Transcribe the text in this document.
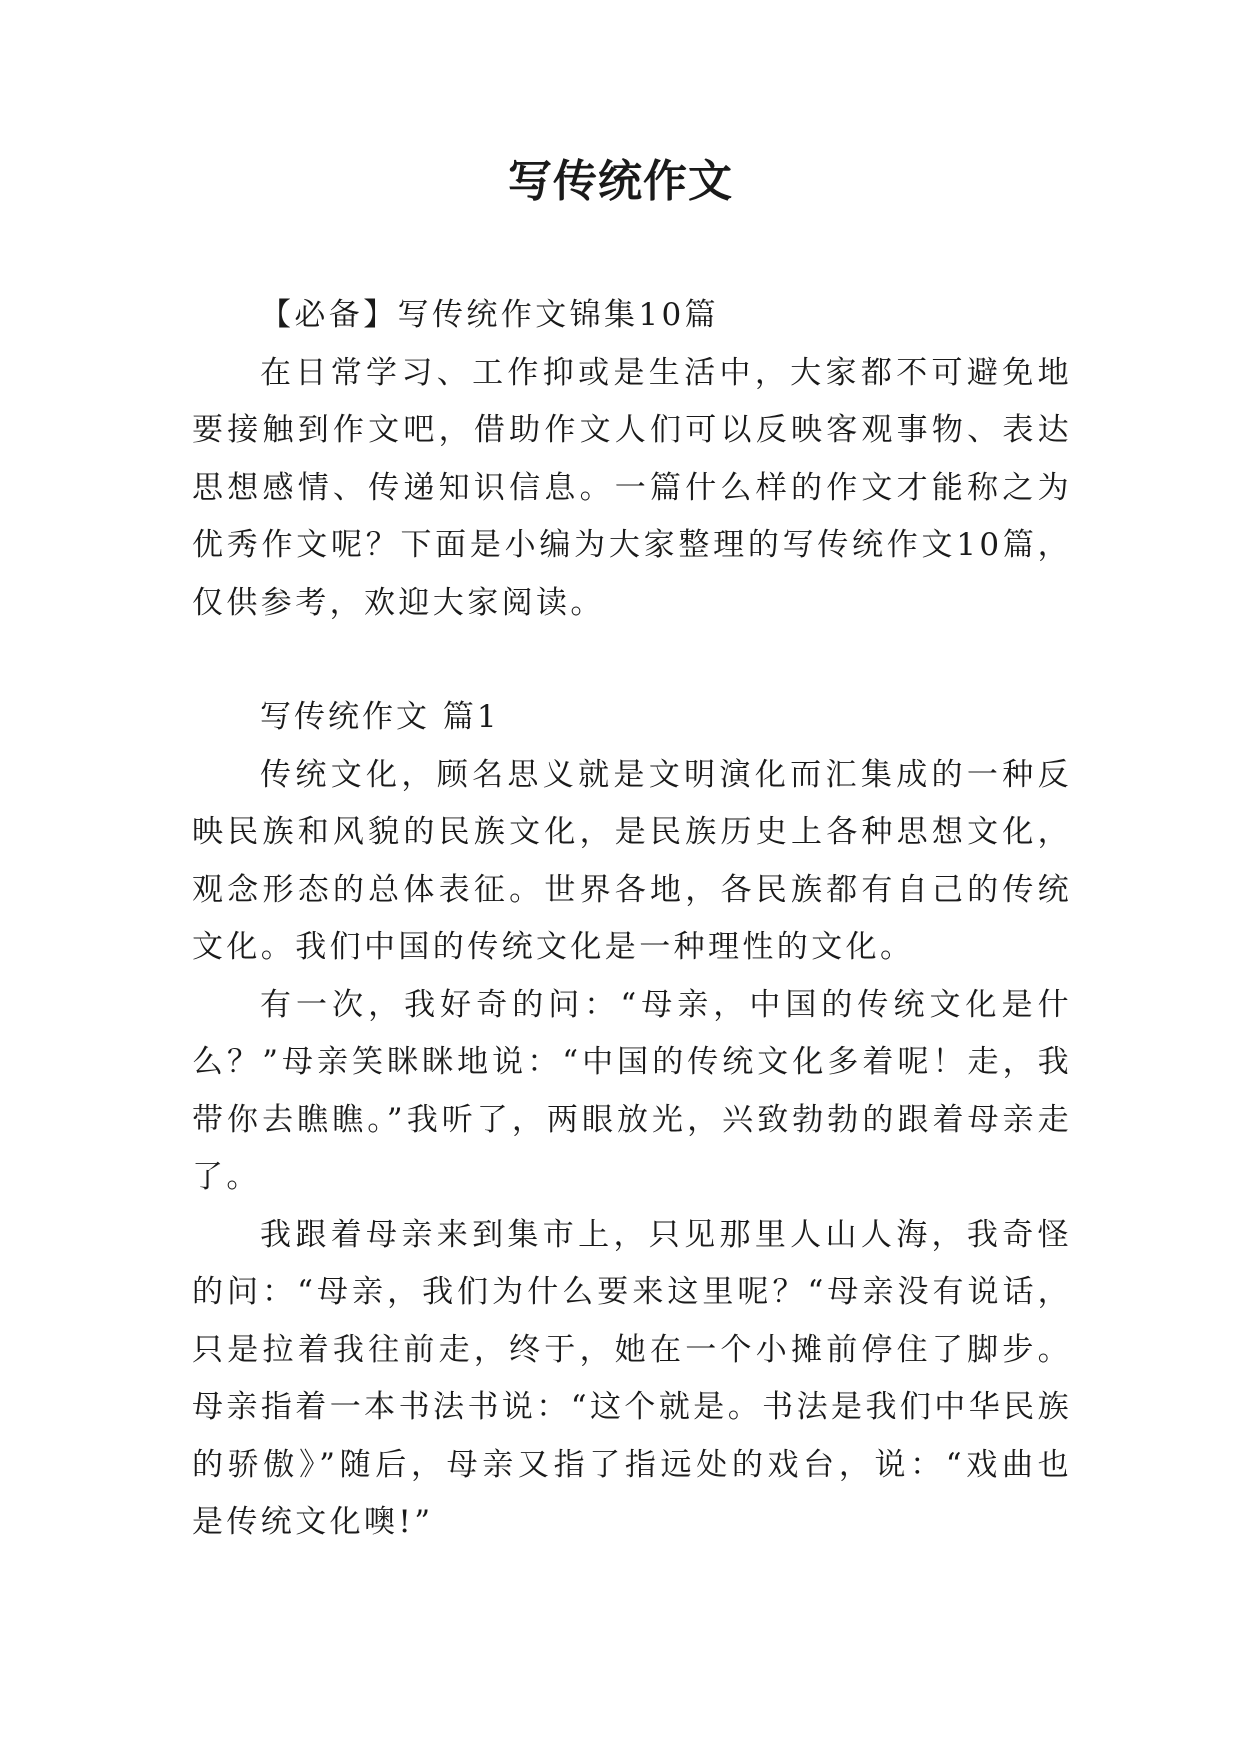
写传统作文

【必备】写传统作文锦集10篇

在日常学习、工作抑或是生活中，大家都不可避免地要接触到作文吧，借助作文人们可以反映客观事物、表达思想感情、传递知识信息。一篇什么样的作文才能称之为优秀作文呢？下面是小编为大家整理的写传统作文10篇，仅供参考，欢迎大家阅读。

写传统作文 篇1

传统文化，顾名思义就是文明演化而汇集成的一种反映民族和风貌的民族文化，是民族历史上各种思想文化，观念形态的总体表征。世界各地，各民族都有自己的传统文化。我们中国的传统文化是一种理性的文化。

有一次，我好奇的问：“母亲，中国的传统文化是什么？”母亲笑眯眯地说：“中国的传统文化多着呢！走，我带你去瞧瞧。”我听了，两眼放光，兴致勃勃的跟着母亲走了。

我跟着母亲来到集市上，只见那里人山人海，我奇怪的问：“母亲，我们为什么要来这里呢？“母亲没有说话，只是拉着我往前走，终于，她在一个小摊前停住了脚步。母亲指着一本书法书说：“这个就是。书法是我们中华民族的骄傲》”随后，母亲又指了指远处的戏台，说：“戏曲也是传统文化噢!”
